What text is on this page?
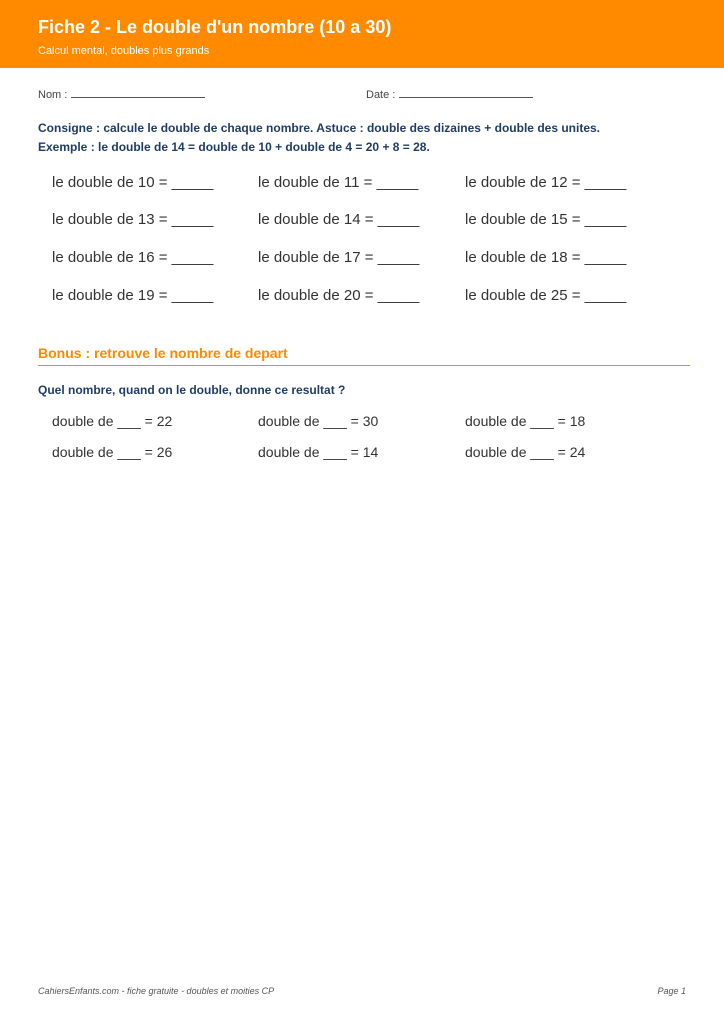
Fiche 2 - Le double d'un nombre (10 a 30)
Calcul mental, doubles plus grands
Nom :	Date :
Consigne : calcule le double de chaque nombre. Astuce : double des dizaines + double des unites.
Exemple : le double de 14 = double de 10 + double de 4 = 20 + 8 = 28.
le double de 10 = _____	le double de 11 = _____	le double de 12 = _____
le double de 13 = _____	le double de 14 = _____	le double de 15 = _____
le double de 16 = _____	le double de 17 = _____	le double de 18 = _____
le double de 19 = _____	le double de 20 = _____	le double de 25 = _____
Bonus : retrouve le nombre de depart
Quel nombre, quand on le double, donne ce resultat ?
double de ___ = 22	double de ___ = 30	double de ___ = 18
double de ___ = 26	double de ___ = 14	double de ___ = 24
CahiersEnfants.com - fiche gratuite - doubles et moities CP	Page 1
